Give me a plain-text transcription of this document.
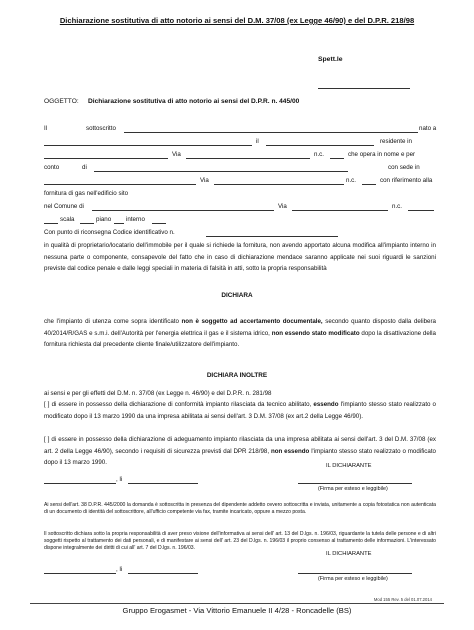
Dichiarazione sostitutiva di atto notorio ai sensi del D.M. 37/08 (ex Legge 46/90) e del D.P.R. 218/98
Spett.le
OGGETTO: Dichiarazione sostitutiva di atto notorio ai sensi del D.P.R. n. 445/00
Il	sottoscritto	nato a
il	residente in
Via	n.c.	che opera in nome e per
conto	di	con sede in
Via	n.c.	con riferimento alla
fornitura di gas nell'edificio sito
nel Comune di	Via	n.c.
scala	piano interno
Con punto di riconsegna Codice identificativo n.
in qualità di proprietario/locatario dell'immobile per il quale si richiede la fornitura, non avendo apportato alcuna modifica all'impianto interno in nessuna parte o componente, consapevole del fatto che in caso di dichiarazione mendace saranno applicate nei suoi riguardi le sanzioni previste dal codice penale e dalle leggi speciali in materia di falsità in atti, sotto la propria responsabilità
DICHIARA
che l'impianto di utenza come sopra identificato non è soggetto ad accertamento documentale, secondo quanto disposto dalla delibera 40/2014/R/GAS e s.m.i. dell'Autorità per l'energia elettrica il gas e il sistema idrico, non essendo stato modificato dopo la disattivazione della fornitura richiesta dal precedente cliente finale/utilizzatore dell'impianto.
DICHIARA INOLTRE
ai sensi e per gli effetti del D.M. n. 37/08 (ex Legge n. 46/90) e del D.P.R. n. 281/98
[ ] di essere in possesso della dichiarazione di conformità impianto rilasciata da tecnico abilitato, essendo l'impianto stesso stato realizzato o modificato dopo il 13 marzo 1990 da una impresa abilitata ai sensi dell'art. 3 D.M. 37/08 (ex art.2 della Legge 46/90).
[ ] di essere in possesso della dichiarazione di adeguamento impianto rilasciata da una impresa abilitata ai sensi dell'art. 3 del D.M. 37/08 (ex art. 2 della Legge 46/90), secondo i requisiti di sicurezza previsti dal DPR 218/98, non essendo l'impianto stesso stato realizzato o modificato dopo il 13 marzo 1990.	IL DICHIARANTE
, li
(Firma per esteso e leggibile)
Ai sensi dell'art. 38 D.P.R. 445/2000 la domanda è sottoscritta in presenza del dipendente addetto ovvero sottoscritta e inviata, unitamente a copia fotostatica non autenticata di un documento di identità del sottoscrittore, all'ufficio competente via fax, tramite incaricato, oppure a mezzo posta.
Il sottoscritto dichiara sotto la propria responsabilità di aver preso visione dell'informativa ai sensi dell' art. 13 del D.lgs. n. 196/03, riguardante la tutela delle persone e di altri soggetti rispetto al trattamento dei dati personali, e di manifestare ai sensi dell' art. 23 del D.lgs. n. 196/03 il proprio consenso al trattamento delle informazioni. L'interessato dispone integralmente dei diritti di cui all' art. 7 del D.lgs. n. 196/03.
IL DICHIARANTE
, li
(Firma per esteso e leggibile)
Mod 155 Rev. 5 del 01.07.2014
Gruppo Erogasmet - Via Vittorio Emanuele II 4/28 - Roncadelle (BS)
